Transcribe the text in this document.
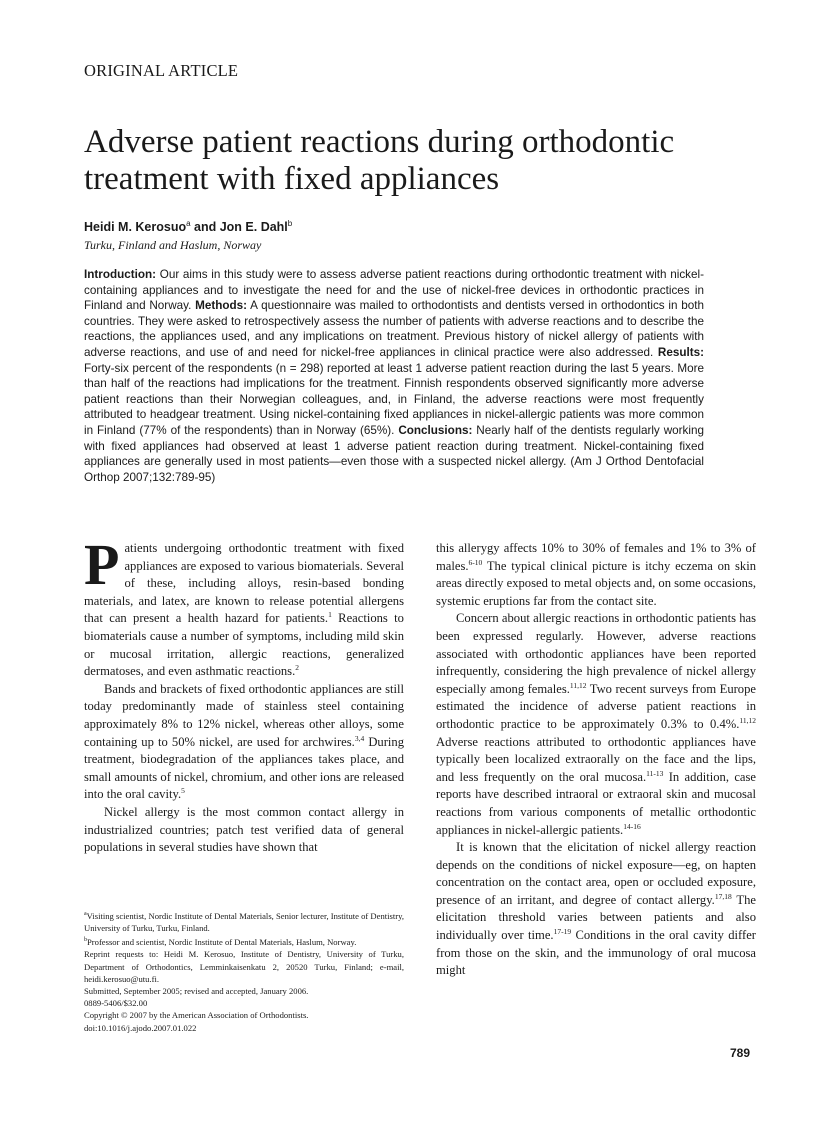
ORIGINAL ARTICLE
Adverse patient reactions during orthodontic treatment with fixed appliances
Heidi M. Kerosuo$^a$ and Jon E. Dahl$^b$
Turku, Finland and Haslum, Norway

Introduction: Our aims in this study were to assess adverse patient reactions during orthodontic treatment with nickel-containing appliances and to investigate the need for and the use of nickel-free devices in orthodontic practices in Finland and Norway. Methods: A questionnaire was mailed to orthodontists and dentists versed in orthodontics in both countries. They were asked to retrospectively assess the number of patients with adverse reactions and to describe the reactions, the appliances used, and any implications on treatment. Previous history of nickel allergy of patients with adverse reactions, and use of and need for nickel-free appliances in clinical practice were also addressed. Results: Forty-six percent of the respondents (n = 298) reported at least 1 adverse patient reaction during the last 5 years. More than half of the reactions had implications for the treatment. Finnish respondents observed significantly more adverse patient reactions than their Norwegian colleagues, and, in Finland, the adverse reactions were most frequently attributed to headgear treatment. Using nickel-containing fixed appliances in nickel-allergic patients was more common in Finland (77% of the respondents) than in Norway (65%). Conclusions: Nearly half of the dentists regularly working with fixed appliances had observed at least 1 adverse patient reaction during treatment. Nickel-containing fixed appliances are generally used in most patients—even those with a suspected nickel allergy. (Am J Orthod Dentofacial Orthop 2007;132:789-95)

Patients undergoing orthodontic treatment with fixed appliances are exposed to various biomaterials. Several of these, including alloys, resin-based bonding materials, and latex, are known to release potential allergens that can present a health hazard for patients.$^1$ Reactions to biomaterials cause a number of symptoms, including mild skin or mucosal irritation, allergic reactions, generalized dermatoses, and even asthmatic reactions.$^2$

Bands and brackets of fixed orthodontic appliances are still today predominantly made of stainless steel containing approximately 8% to 12% nickel, whereas other alloys, some containing up to 50% nickel, are used for archwires.$^{3,4}$ During treatment, biodegradation of the appliances takes place, and small amounts of nickel, chromium, and other ions are released into the oral cavity.$^5$

Nickel allergy is the most common contact allergy in industrialized countries; patch test verified data of general populations in several studies have shown that

this allerygy affects 10% to 30% of females and 1% to 3% of males.$^{6-10}$ The typical clinical picture is itchy eczema on skin areas directly exposed to metal objects and, on some occasions, systemic eruptions far from the contact site.

Concern about allergic reactions in orthodontic patients has been expressed regularly. However, adverse reactions associated with orthodontic appliances have been reported infrequently, considering the high prevalence of nickel allergy especially among females.$^{11,12}$ Two recent surveys from Europe estimated the incidence of adverse patient reactions in orthodontic practice to be approximately 0.3% to 0.4%.$^{11,12}$ Adverse reactions attributed to orthodontic appliances have typically been localized extraorally on the face and the lips, and less frequently on the oral mucosa.$^{11-13}$ In addition, case reports have described intraoral or extraoral skin and mucosal reactions from various components of metallic orthodontic appliances in nickel-allergic patients.$^{14-16}$

It is known that the elicitation of nickel allergy reaction depends on the conditions of nickel exposure—eg, on hapten concentration on the contact area, open or occluded exposure, presence of an irritant, and degree of contact allergy.$^{17,18}$ The elicitation threshold varies between patients and also individually over time.$^{17-19}$ Conditions in the oral cavity differ from those on the skin, and the immunology of oral mucosa might

$^a$Visiting scientist, Nordic Institute of Dental Materials, Senior lecturer, Institute of Dentistry, University of Turku, Turku, Finland.
$^b$Professor and scientist, Nordic Institute of Dental Materials, Haslum, Norway.
Reprint requests to: Heidi M. Kerosuo, Institute of Dentistry, University of Turku, Department of Orthodontics, Lemminkaisenkatu 2, 20520 Turku, Finland; e-mail, heidi.kerosuo@utu.fi.
Submitted, September 2005; revised and accepted, January 2006.
0889-5406/$32.00
Copyright © 2007 by the American Association of Orthodontists.
doi:10.1016/j.ajodo.2007.01.022
789
